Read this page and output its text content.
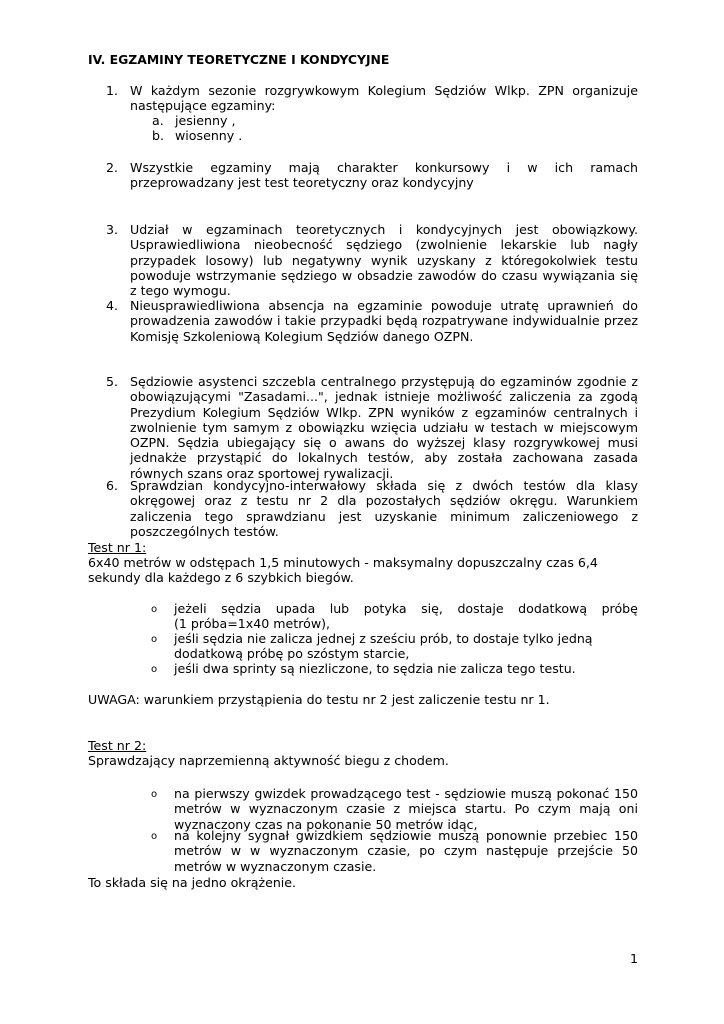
IV. EGZAMINY TEORETYCZNE I KONDYCYJNE
1. W każdym sezonie rozgrywkowym Kolegium Sędziów Wlkp. ZPN organizuje następujące egzaminy:
a. jesienny ,
b. wiosenny .
2. Wszystkie egzaminy mają charakter konkursowy i w ich ramach przeprowadzany jest test teoretyczny oraz kondycyjny
3. Udział w egzaminach teoretycznych i kondycyjnych jest obowiązkowy. Usprawiedliwiona nieobecność sędziego (zwolnienie lekarskie lub nagły przypadek losowy) lub negatywny wynik uzyskany z któregokolwiek testu powoduje wstrzymanie sędziego w obsadzie zawodów do czasu wywiązania się z tego wymogu.
4. Nieusprawiedliwiona absencja na egzaminie powoduje utratę uprawnień do prowadzenia zawodów i takie przypadki będą rozpatrywane indywidualnie przez Komisję Szkoleniową Kolegium Sędziów danego OZPN.
5. Sędziowie asystenci szczebla centralnego przystępują do egzaminów zgodnie z obowiązującymi "Zasadami...", jednak istnieje możliwość zaliczenia za zgodą Prezydium Kolegium Sędziów Wlkp. ZPN wyników z egzaminów centralnych i zwolnienie tym samym z obowiązku wzięcia udziału w testach w miejscowym OZPN. Sędzia ubiegający się o awans do wyższej klasy rozgrywkowej musi jednakże przystąpić do lokalnych testów, aby została zachowana zasada równych szans oraz sportowej rywalizacji.
6. Sprawdzian kondycyjno-interwałowy składa się z dwóch testów dla klasy okręgowej oraz z testu nr 2 dla pozostałych sędziów okręgu. Warunkiem zaliczenia tego sprawdzianu jest uzyskanie minimum zaliczeniowego z poszczególnych testów.
Test nr 1:
6x40 metrów w odstępach 1,5 minutowych - maksymalny dopuszczalny czas 6,4 sekundy dla każdego z 6 szybkich biegów.
o jeżeli sędzia upada lub potyka się, dostaje dodatkową próbę
(1 próba=1x40 metrów),
o jeśli sędzia nie zalicza jednej z sześciu prób, to dostaje tylko jedną dodatkową próbę po szóstym starcie,
o jeśli dwa sprinty są niezliczone, to sędzia nie zalicza tego testu.
UWAGA: warunkiem przystąpienia do testu nr 2 jest zaliczenie testu nr 1.
Test nr 2:
Sprawdzający naprzemienną aktywność biegu z chodem.
o na pierwszy gwizdek prowadzącego test - sędziowie muszą pokonać 150 metrów w wyznaczonym czasie z miejsca startu. Po czym mają oni wyznaczony czas na pokonanie 50 metrów idąc,
o na kolejny sygnał gwizdkiem sędziowie muszą ponownie przebiec 150 metrów w w wyznaczonym czasie, po czym następuje przejście 50 metrów w wyznaczonym czasie.
To składa się na jedno okrążenie.
1
